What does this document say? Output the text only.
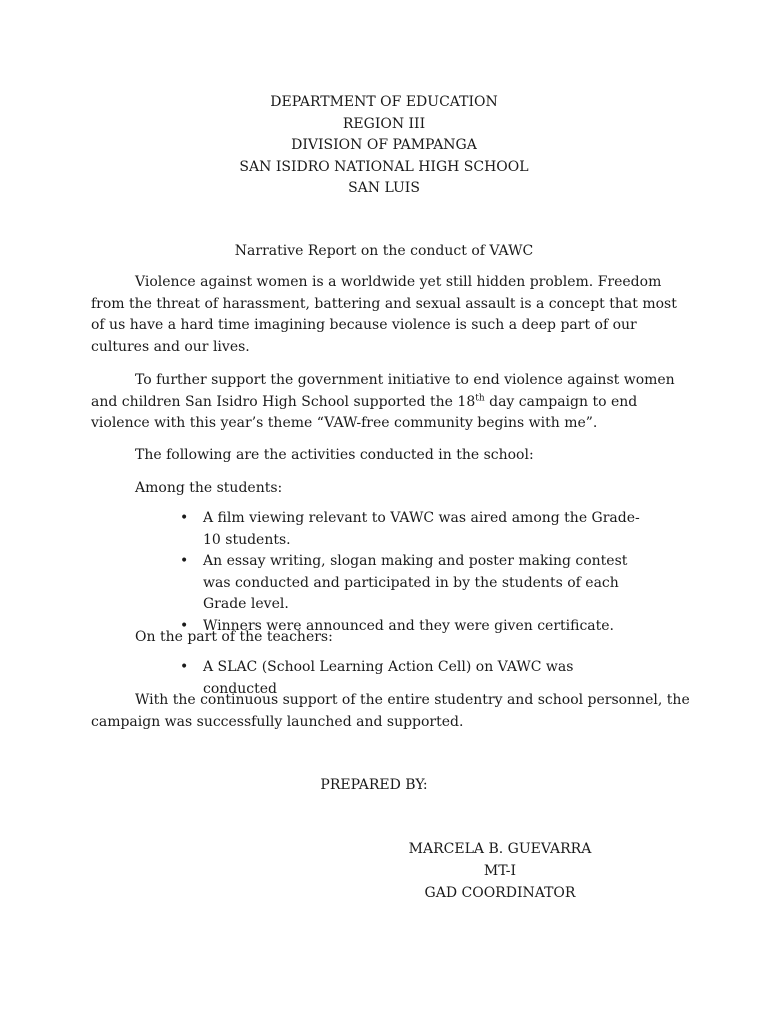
DEPARTMENT OF EDUCATION
REGION III
DIVISION OF PAMPANGA
SAN ISIDRO NATIONAL HIGH SCHOOL
SAN LUIS
Narrative Report on the conduct of VAWC
Violence against women is a worldwide yet still hidden problem. Freedom from the threat of harassment, battering and sexual assault is a concept that most of us have a hard time imagining because violence is such a deep part of our cultures and our lives.
To further support the government initiative to end violence against women and children San Isidro High School supported the 18th day campaign to end violence with this year’s theme “VAW-free community begins with me”.
The following are the activities conducted in the school:
Among the students:
• A film viewing relevant to VAWC was aired among the Grade-10 students.
• An essay writing, slogan making and poster making contest was conducted and participated in by the students of each Grade level.
• Winners were announced and they were given certificate.
On the part of the teachers:
• A SLAC (School Learning Action Cell) on VAWC was conducted
With the continuous support of the entire studentry and school personnel, the campaign was successfully launched and supported.
PREPARED BY:
MARCELA B. GUEVARRA
MT-I
GAD COORDINATOR
